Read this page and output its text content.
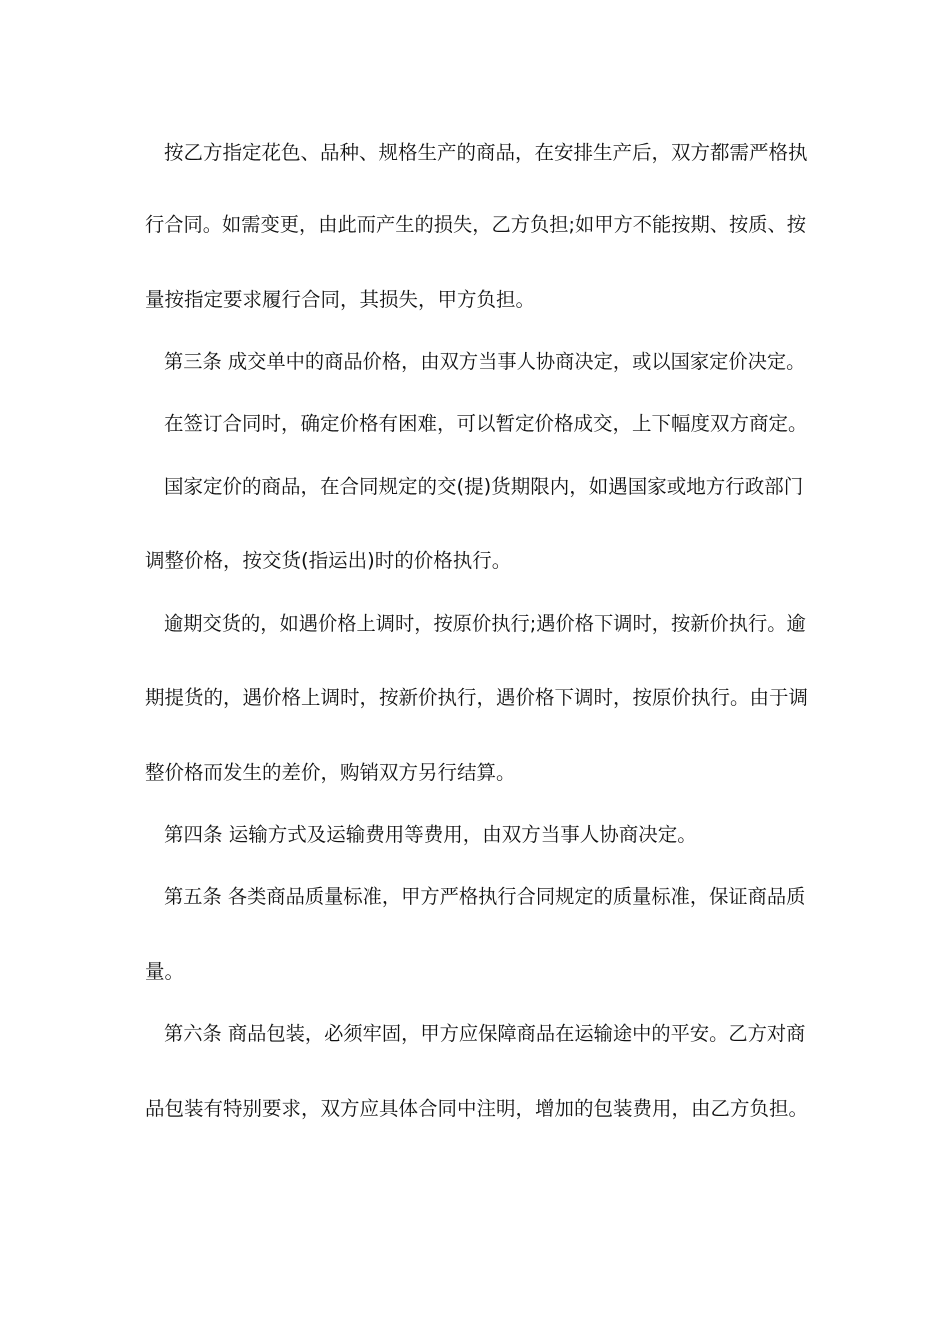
按乙方指定花色、品种、规格生产的商品，在安排生产后，双方都需严格执

行合同。如需变更，由此而产生的损失，乙方负担;如甲方不能按期、按质、按

量按指定要求履行合同，其损失，甲方负担。

第三条 成交单中的商品价格，由双方当事人协商决定，或以国家定价决定。

在签订合同时，确定价格有困难，可以暂定价格成交，上下幅度双方商定。

国家定价的商品，在合同规定的交(提)货期限内，如遇国家或地方行政部门

调整价格，按交货(指运出)时的价格执行。

逾期交货的，如遇价格上调时，按原价执行;遇价格下调时，按新价执行。逾

期提货的，遇价格上调时，按新价执行，遇价格下调时，按原价执行。由于调

整价格而发生的差价，购销双方另行结算。

第四条 运输方式及运输费用等费用，由双方当事人协商决定。

第五条 各类商品质量标准，甲方严格执行合同规定的质量标准，保证商品质

量。

第六条 商品包装，必须牢固，甲方应保障商品在运输途中的平安。乙方对商

品包装有特别要求，双方应具体合同中注明，增加的包装费用，由乙方负担。
